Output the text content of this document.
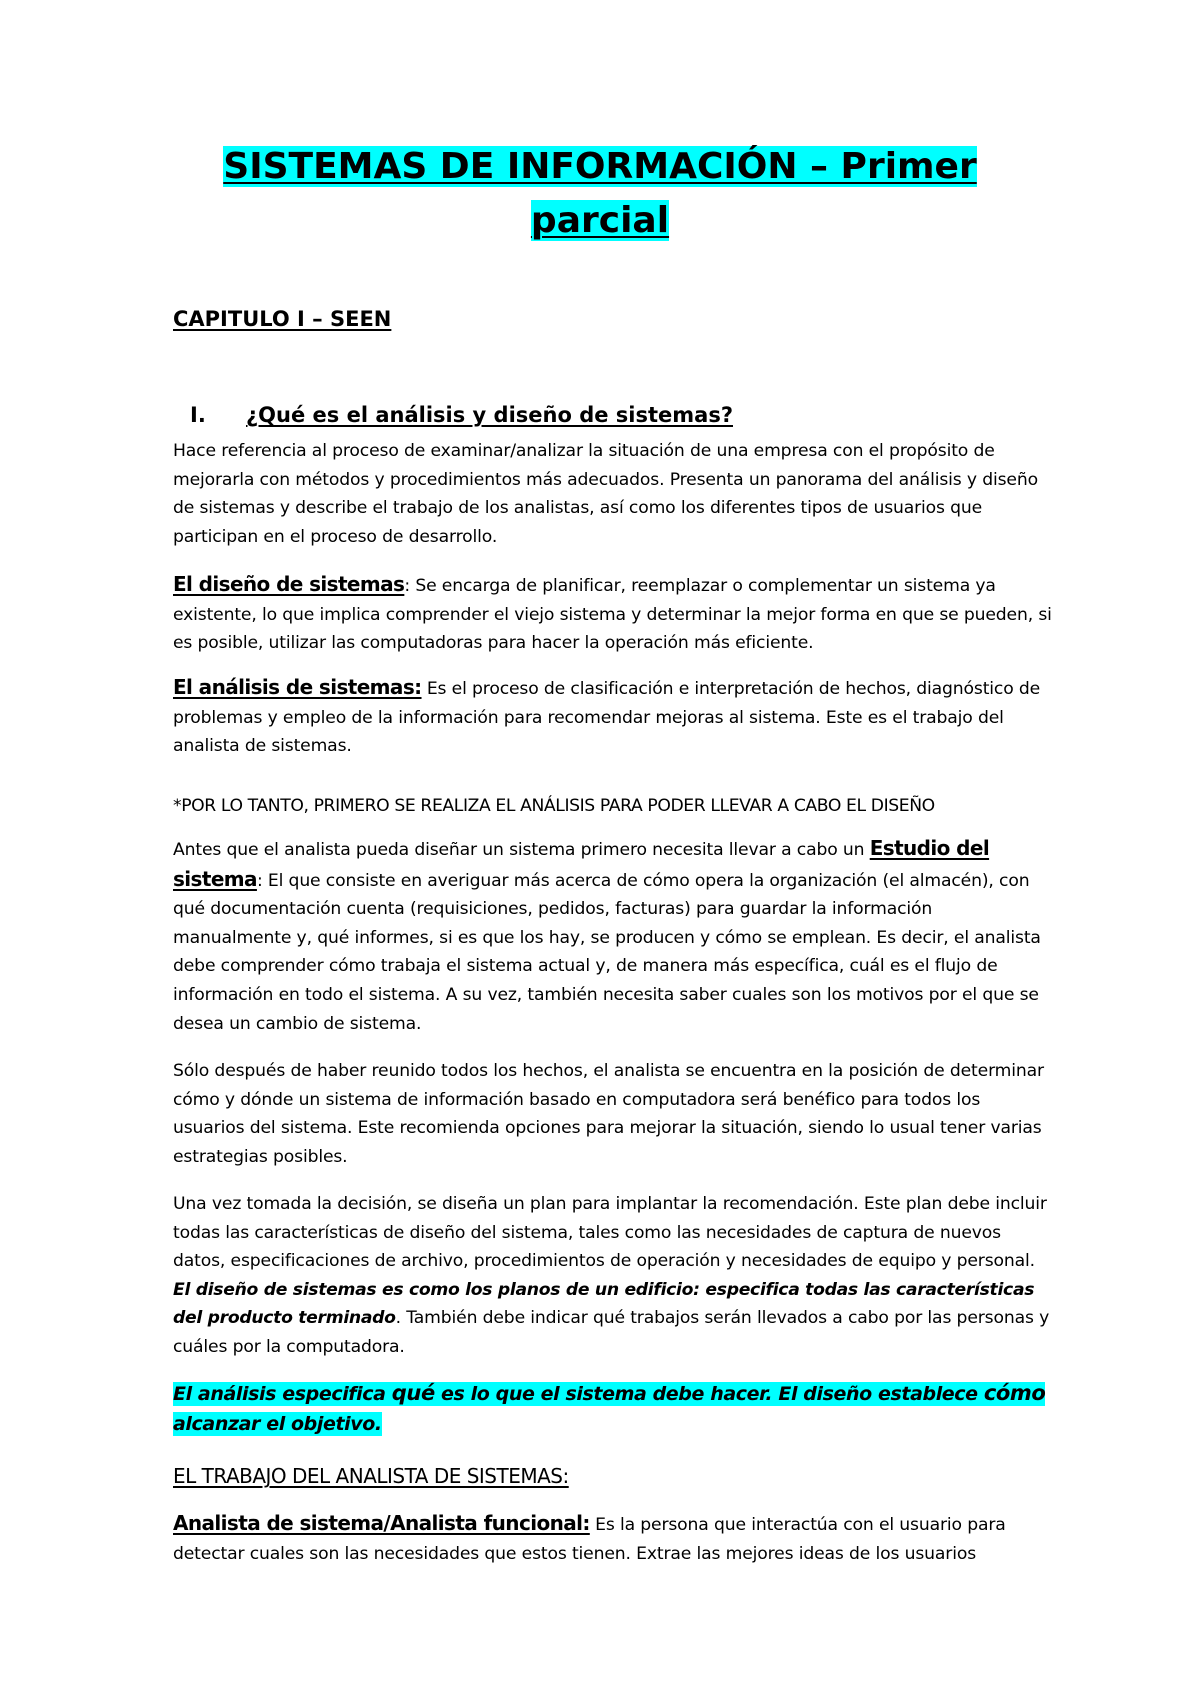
SISTEMAS DE INFORMACIÓN – Primer
parcial
CAPITULO I – SEEN
I. ¿Qué es el análisis y diseño de sistemas?

Hace referencia al proceso de examinar/analizar la situación de una empresa con el propósito de mejorarla con métodos y procedimientos más adecuados. Presenta un panorama del análisis y diseño de sistemas y describe el trabajo de los analistas, así como los diferentes tipos de usuarios que participan en el proceso de desarrollo.

El diseño de sistemas: Se encarga de planificar, reemplazar o complementar un sistema ya existente, lo que implica comprender el viejo sistema y determinar la mejor forma en que se pueden, si es posible, utilizar las computadoras para hacer la operación más eficiente.

El análisis de sistemas: Es el proceso de clasificación e interpretación de hechos, diagnóstico de problemas y empleo de la información para recomendar mejoras al sistema. Este es el trabajo del analista de sistemas.

*POR LO TANTO, PRIMERO SE REALIZA EL ANÁLISIS PARA PODER LLEVAR A CABO EL DISEÑO

Antes que el analista pueda diseñar un sistema primero necesita llevar a cabo un Estudio del sistema: El que consiste en averiguar más acerca de cómo opera la organización (el almacén), con qué documentación cuenta (requisiciones, pedidos, facturas) para guardar la información manualmente y, qué informes, si es que los hay, se producen y cómo se emplean. Es decir, el analista debe comprender cómo trabaja el sistema actual y, de manera más específica, cuál es el flujo de información en todo el sistema. A su vez, también necesita saber cuales son los motivos por el que se desea un cambio de sistema.

Sólo después de haber reunido todos los hechos, el analista se encuentra en la posición de determinar cómo y dónde un sistema de información basado en computadora será benéfico para todos los usuarios del sistema. Este recomienda opciones para mejorar la situación, siendo lo usual tener varias estrategias posibles.

Una vez tomada la decisión, se diseña un plan para implantar la recomendación. Este plan debe incluir todas las características de diseño del sistema, tales como las necesidades de captura de nuevos datos, especificaciones de archivo, procedimientos de operación y necesidades de equipo y personal. El diseño de sistemas es como los planos de un edificio: especifica todas las características del producto terminado. También debe indicar qué trabajos serán llevados a cabo por las personas y cuáles por la computadora.

El análisis especifica qué es lo que el sistema debe hacer. El diseño establece cómo alcanzar el objetivo.

EL TRABAJO DEL ANALISTA DE SISTEMAS:

Analista de sistema/Analista funcional: Es la persona que interactúa con el usuario para detectar cuales son las necesidades que estos tienen. Extrae las mejores ideas de los usuarios
